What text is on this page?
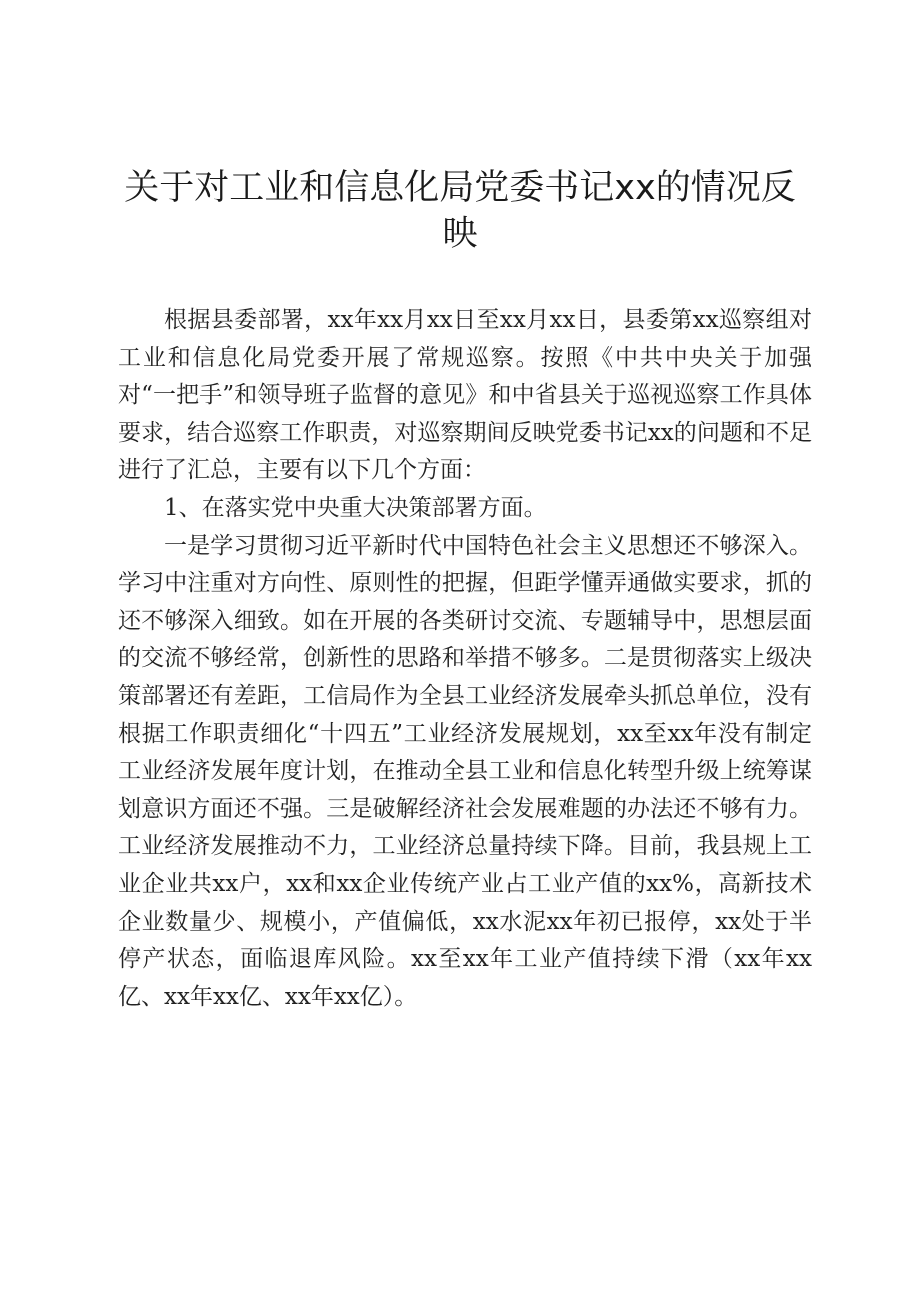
关于对工业和信息化局党委书记xx的情况反映

根据县委部署，xx年xx月xx日至xx月xx日，县委第xx巡察组对工业和信息化局党委开展了常规巡察。按照《中共中央关于加强对“一把手”和领导班子监督的意见》和中省县关于巡视巡察工作具体要求，结合巡察工作职责，对巡察期间反映党委书记xx的问题和不足进行了汇总，主要有以下几个方面：

1、在落实党中央重大决策部署方面。

一是学习贯彻习近平新时代中国特色社会主义思想还不够深入。学习中注重对方向性、原则性的把握，但距学懂弄通做实要求，抓的还不够深入细致。如在开展的各类研讨交流、专题辅导中，思想层面的交流不够经常，创新性的思路和举措不够多。二是贯彻落实上级决策部署还有差距，工信局作为全县工业经济发展牵头抓总单位，没有根据工作职责细化“十四五”工业经济发展规划，xx至xx年没有制定工业经济发展年度计划，在推动全县工业和信息化转型升级上统筹谋划意识方面还不强。三是破解经济社会发展难题的办法还不够有力。工业经济发展推动不力，工业经济总量持续下降。目前，我县规上工业企业共xx户，xx和xx企业传统产业占工业产值的xx%，高新技术企业数量少、规模小，产值偏低，xx水泥xx年初已报停，xx处于半停产状态，面临退库风险。xx至xx年工业产值持续下滑（xx年xx亿、xx年xx亿、xx年xx亿）。
